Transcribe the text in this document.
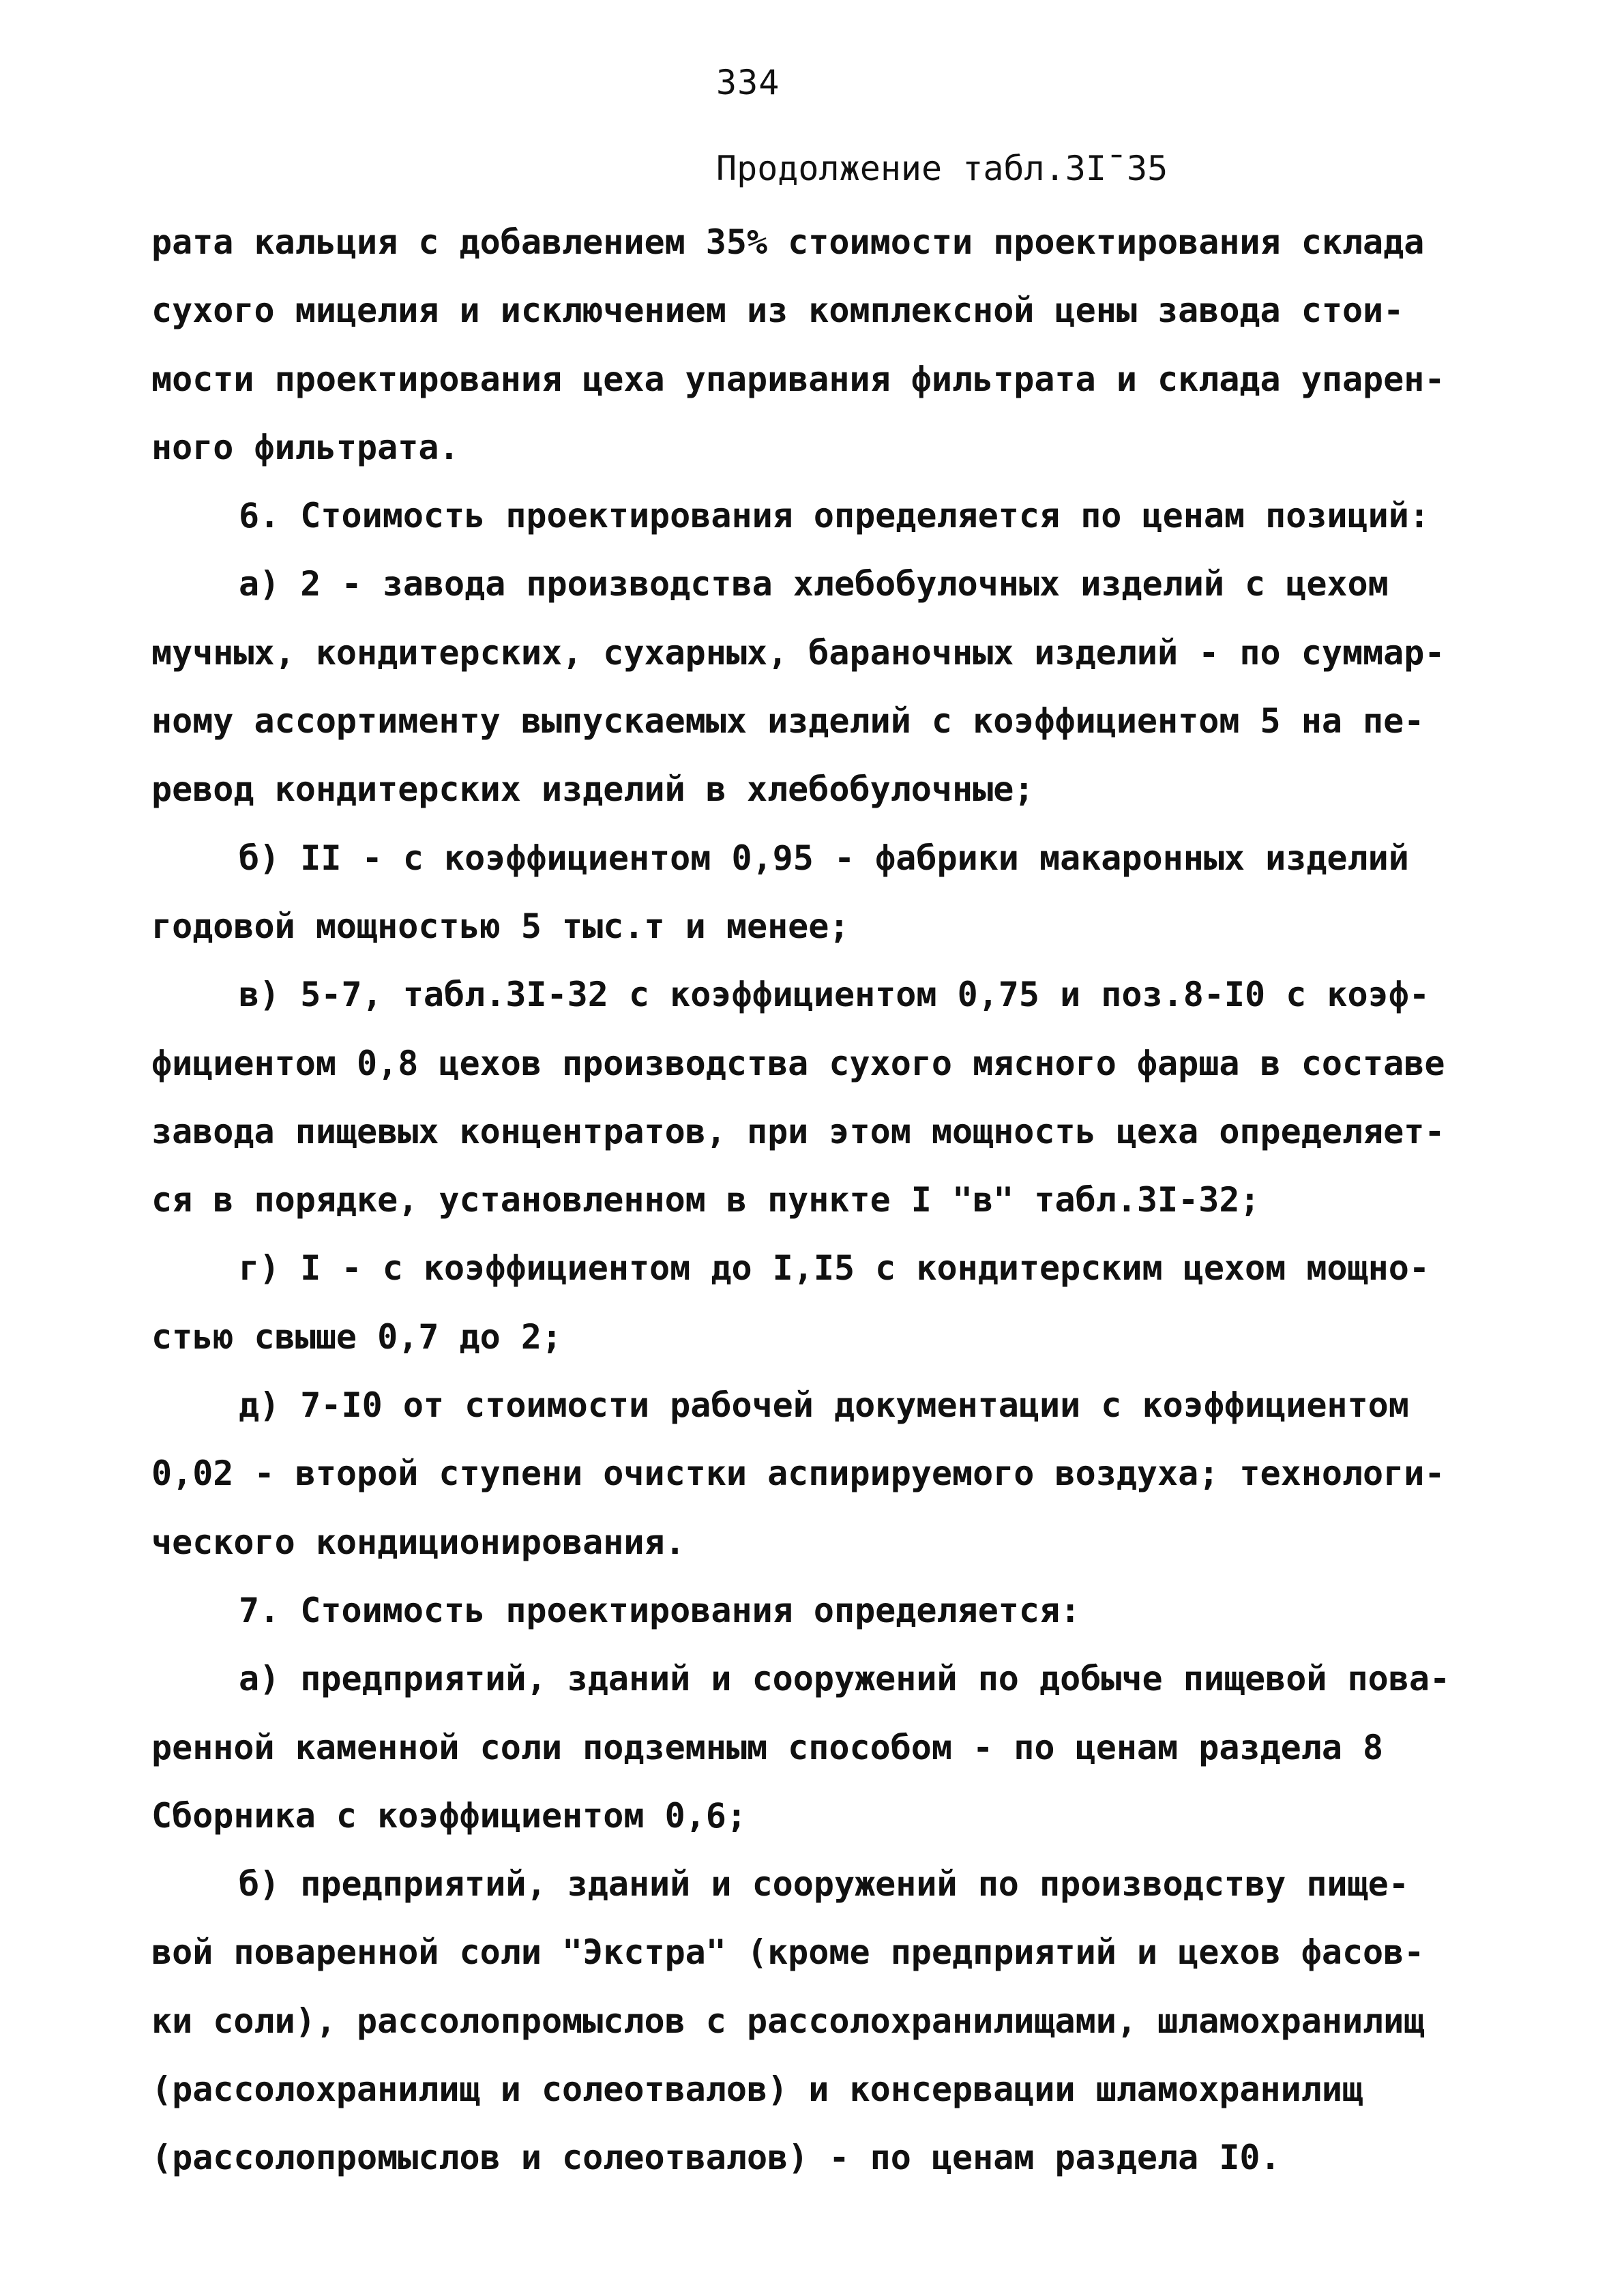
334
Продолжение табл.3I¯35
рата кальция с добавлением 35% стоимости проектирования склада
сухого мицелия и исключением из комплексной цены завода стои-
мости проектирования цеха упаривания фильтрата и склада упарен-
ного фильтрата.
6. Стоимость проектирования определяется по ценам позиций:
а) 2 - завода производства хлебобулочных изделий с цехом
мучных, кондитерских, сухарных, бараночных изделий - по суммар-
ному ассортименту выпускаемых изделий с коэффициентом 5 на пе-
ревод кондитерских изделий в хлебобулочные;
б) II - с коэффициентом 0,95 - фабрики макаронных изделий
годовой мощностью 5 тыс.т и менее;
в) 5-7, табл.3I-32 с коэффициентом 0,75 и поз.8-I0 с коэф-
фициентом 0,8 цехов производства сухого мясного фарша в составе
завода пищевых концентратов, при этом мощность цеха определяет-
ся в порядке, установленном в пункте I "в" табл.3I-32;
г) I - с коэффициентом до I,I5 с кондитерским цехом мощно-
стью свыше 0,7 до 2;
д) 7-I0 от стоимости рабочей документации с коэффициентом
0,02 - второй ступени очистки аспирируемого воздуха; технологи-
ческого кондиционирования.
7. Стоимость проектирования определяется:
а) предприятий, зданий и сооружений по добыче пищевой пова-
ренной каменной соли подземным способом - по ценам раздела 8
Сборника с коэффициентом 0,6;
б) предприятий, зданий и сооружений по производству пище-
вой поваренной соли "Экстра" (кроме предприятий и цехов фасов-
ки соли), рассолопромыслов с рассолохранилищами, шламохранилищ
(рассолохранилищ и солеотвалов) и консервации шламохранилищ
(рассолопромыслов и солеотвалов) - по ценам раздела I0.
